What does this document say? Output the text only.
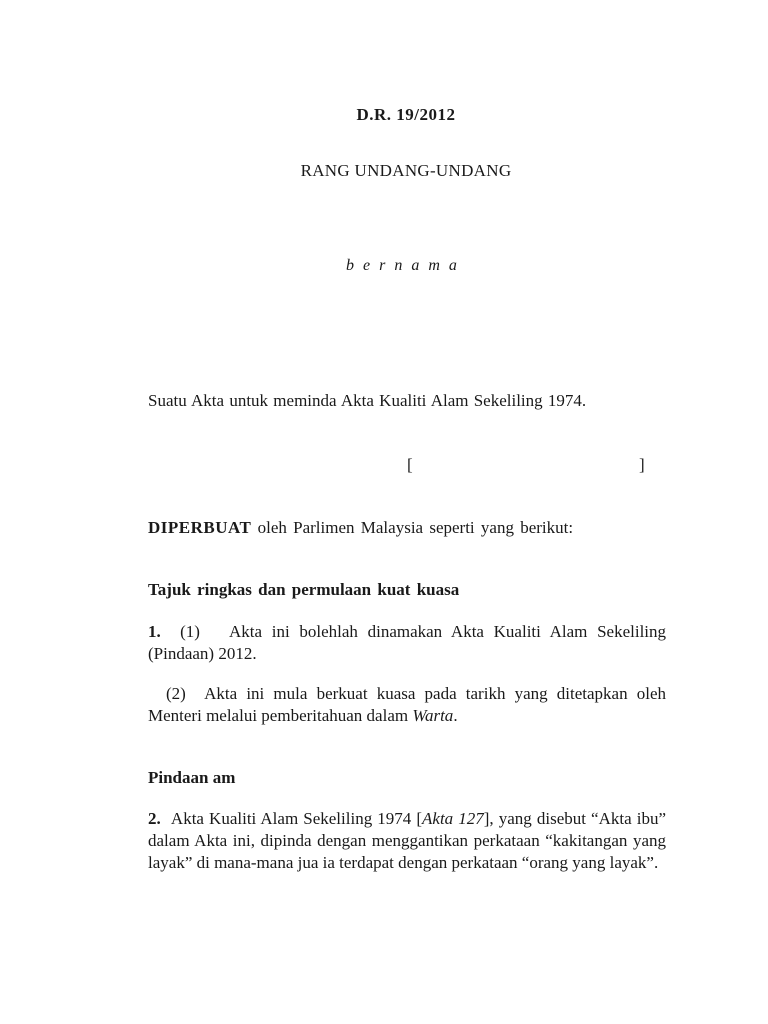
D.R. 19/2012
RANG UNDANG-UNDANG
bernama
Suatu Akta untuk meminda Akta Kualiti Alam Sekeliling 1974.
[	]
DIPERBUAT oleh Parlimen Malaysia seperti yang berikut:
Tajuk ringkas dan permulaan kuat kuasa
1. (1) Akta ini bolehlah dinamakan Akta Kualiti Alam Sekeliling (Pindaan) 2012.
(2) Akta ini mula berkuat kuasa pada tarikh yang ditetapkan oleh Menteri melalui pemberitahuan dalam Warta.
Pindaan am
2. Akta Kualiti Alam Sekeliling 1974 [Akta 127], yang disebut “Akta ibu” dalam Akta ini, dipinda dengan menggantikan perkataan “kakitangan yang layak” di mana-mana jua ia terdapat dengan perkataan “orang yang layak”.
